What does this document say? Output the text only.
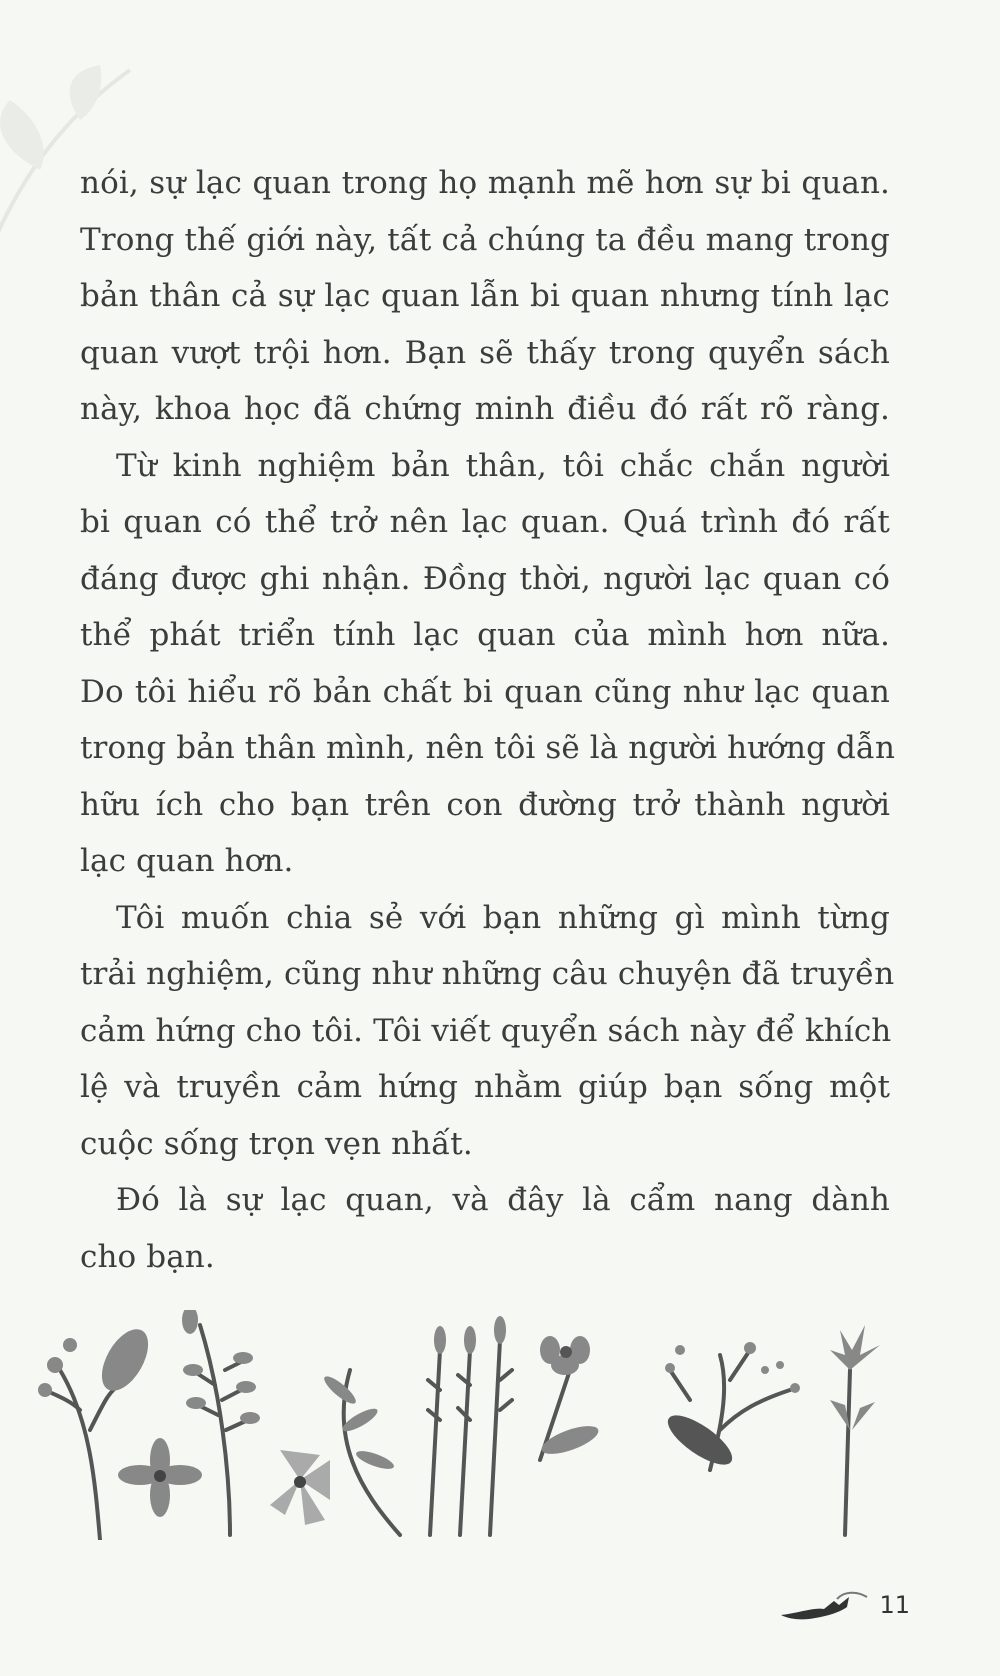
nói, sự lạc quan trong họ mạnh mẽ hơn sự bi quan.
Trong thế giới này, tất cả chúng ta đều mang trong
bản thân cả sự lạc quan lẫn bi quan nhưng tính lạc
quan vượt trội hơn. Bạn sẽ thấy trong quyển sách
này, khoa học đã chứng minh điều đó rất rõ ràng.
Từ kinh nghiệm bản thân, tôi chắc chắn người
bi quan có thể trở nên lạc quan. Quá trình đó rất
đáng được ghi nhận. Đồng thời, người lạc quan có
thể phát triển tính lạc quan của mình hơn nữa.
Do tôi hiểu rõ bản chất bi quan cũng như lạc quan
trong bản thân mình, nên tôi sẽ là người hướng dẫn
hữu ích cho bạn trên con đường trở thành người
lạc quan hơn.
Tôi muốn chia sẻ với bạn những gì mình từng
trải nghiệm, cũng như những câu chuyện đã truyền
cảm hứng cho tôi. Tôi viết quyển sách này để khích
lệ và truyền cảm hứng nhằm giúp bạn sống một
cuộc sống trọn vẹn nhất.
Đó là sự lạc quan, và đây là cẩm nang dành
cho bạn.
11
